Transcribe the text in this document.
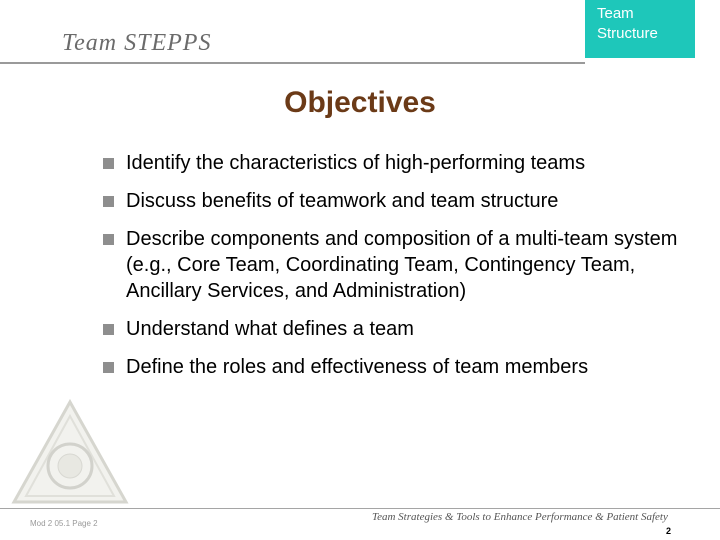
Team STEPPS
Team
Structure
Objectives
Identify the characteristics of high-performing teams
Discuss benefits of teamwork and team structure
Describe components and composition of a multi-team system (e.g., Core Team, Coordinating Team, Contingency Team, Ancillary Services, and Administration)
Understand what defines a team
Define the roles and effectiveness of team members
Mod 2 05.1 Page 2
Team Strategies & Tools to Enhance Performance & Patient Safety
2
